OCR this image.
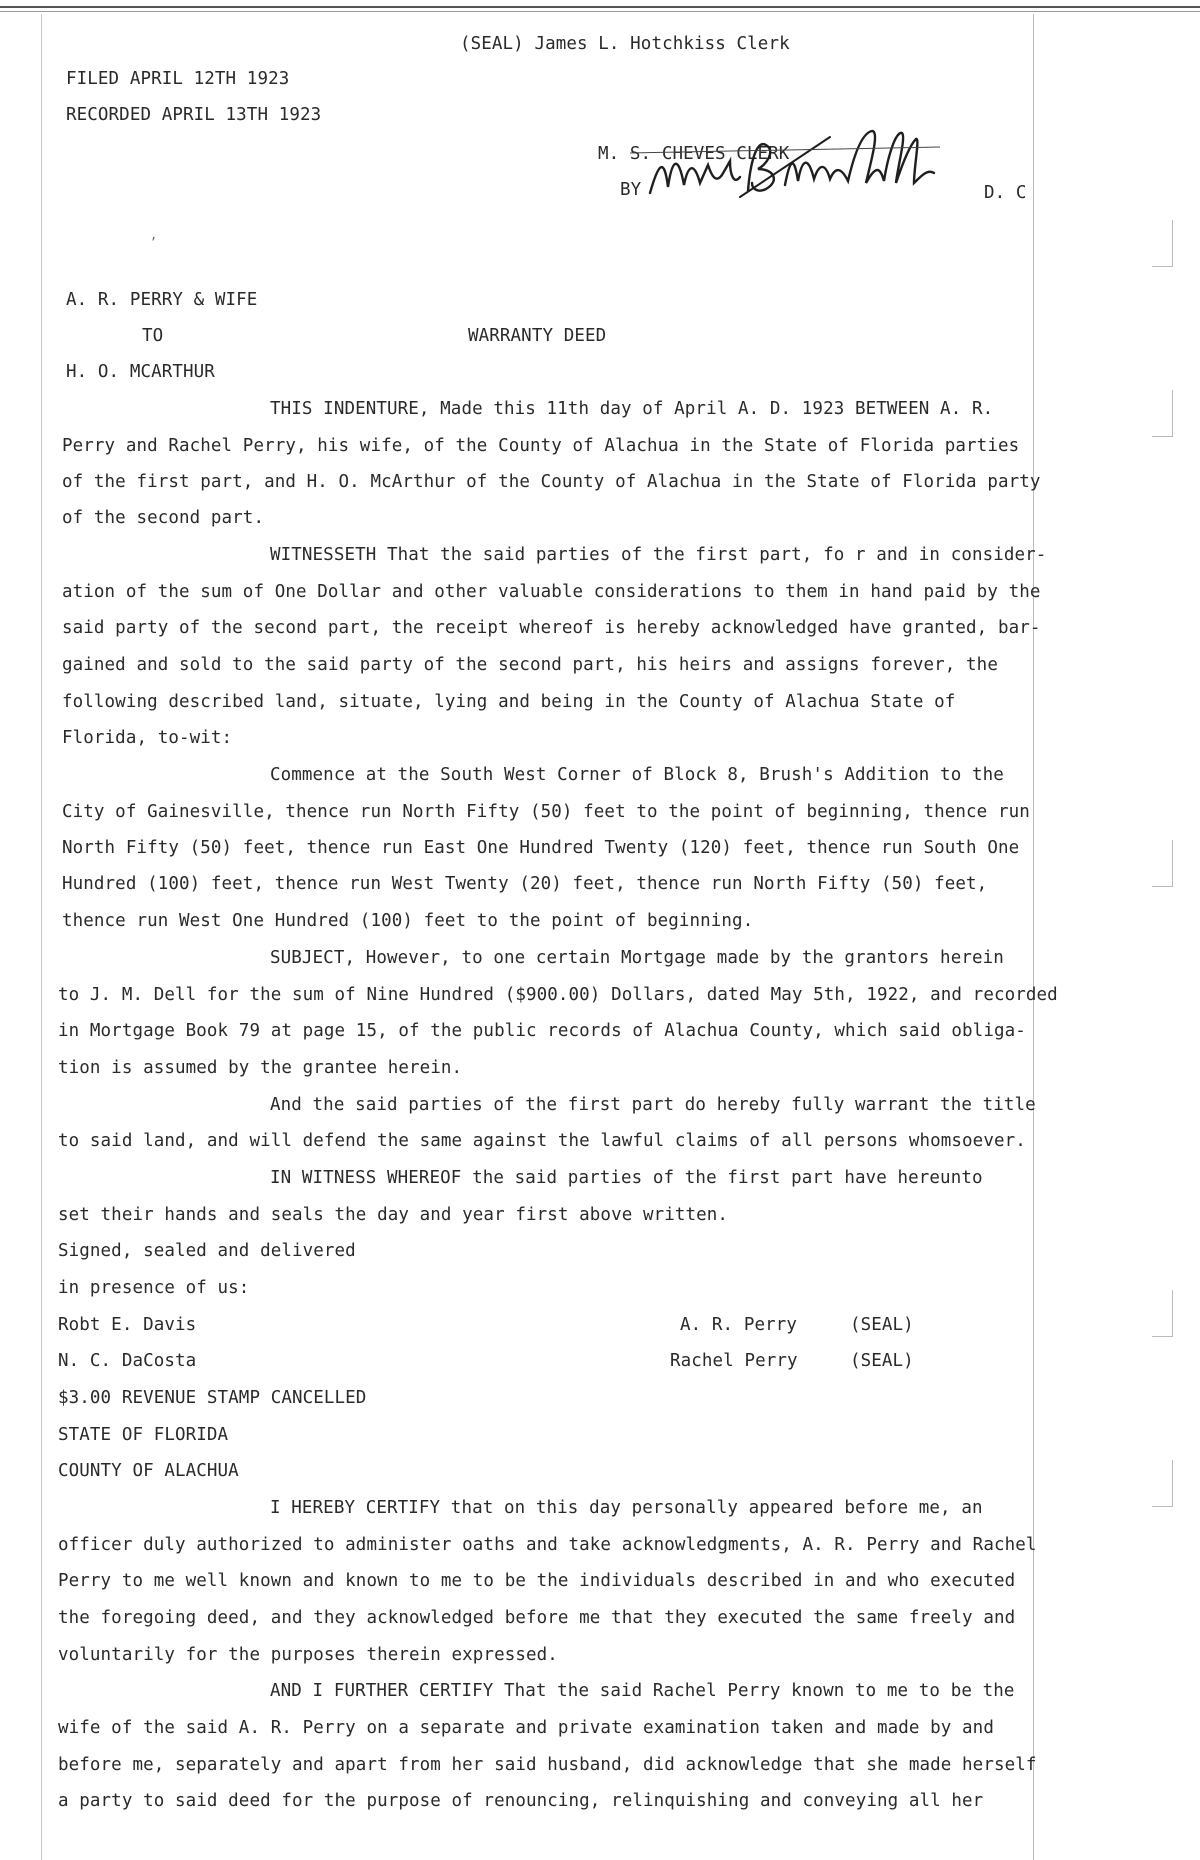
(SEAL) James L. Hotchkiss Clerk
FILED APRIL 12TH 1923
RECORDED APRIL 13TH 1923
M. S. CHEVES CLERK
BY	D. C
,
A. R. PERRY & WIFE
TO	WARRANTY DEED
H. O. MCARTHUR
THIS INDENTURE, Made this 11th day of April A. D. 1923 BETWEEN A. R.
Perry and Rachel Perry, his wife, of the County of Alachua in the State of Florida parties
of the first part, and H. O. McArthur of the County of Alachua in the State of Florida party
of the second part.
WITNESSETH That the said parties of the first part, fo r and in consider-
ation of the sum of One Dollar and other valuable considerations to them in hand paid by the
said party of the second part, the receipt whereof is hereby acknowledged have granted, bar-
gained and sold to the said party of the second part, his heirs and assigns forever, the
following described land, situate, lying and being in the County of Alachua State of
Florida, to-wit:
Commence at the South West Corner of Block 8, Brush's Addition to the
City of Gainesville, thence run North Fifty (50) feet to the point of beginning, thence run
North Fifty (50) feet, thence run East One Hundred Twenty (120) feet, thence run South One
Hundred (100) feet, thence run West Twenty (20) feet, thence run North Fifty (50) feet,
thence run West One Hundred (100) feet to the point of beginning.
SUBJECT, However, to one certain Mortgage made by the grantors herein
to J. M. Dell for the sum of Nine Hundred ($900.00) Dollars, dated May 5th, 1922, and recorded
in Mortgage Book 79 at page 15, of the public records of Alachua County, which said obliga-
tion is assumed by the grantee herein.
And the said parties of the first part do hereby fully warrant the title
to said land, and will defend the same against the lawful claims of all persons whomsoever.
IN WITNESS WHEREOF the said parties of the first part have hereunto
set their hands and seals the day and year first above written.
Signed, sealed and delivered
in presence of us:
Robt E. Davis	A. R. Perry	(SEAL)
N. C. DaCosta	Rachel Perry	(SEAL)
$3.00 REVENUE STAMP CANCELLED
STATE OF FLORIDA
COUNTY OF ALACHUA
I HEREBY CERTIFY that on this day personally appeared before me, an
officer duly authorized to administer oaths and take acknowledgments, A. R. Perry and Rachel
Perry to me well known and known to me to be the individuals described in and who executed
the foregoing deed, and they acknowledged before me that they executed the same freely and
voluntarily for the purposes therein expressed.
AND I FURTHER CERTIFY That the said Rachel Perry known to me to be the
wife of the said A. R. Perry on a separate and private examination taken and made by and
before me, separately and apart from her said husband, did acknowledge that she made herself
a party to said deed for the purpose of renouncing, relinquishing and conveying all her
